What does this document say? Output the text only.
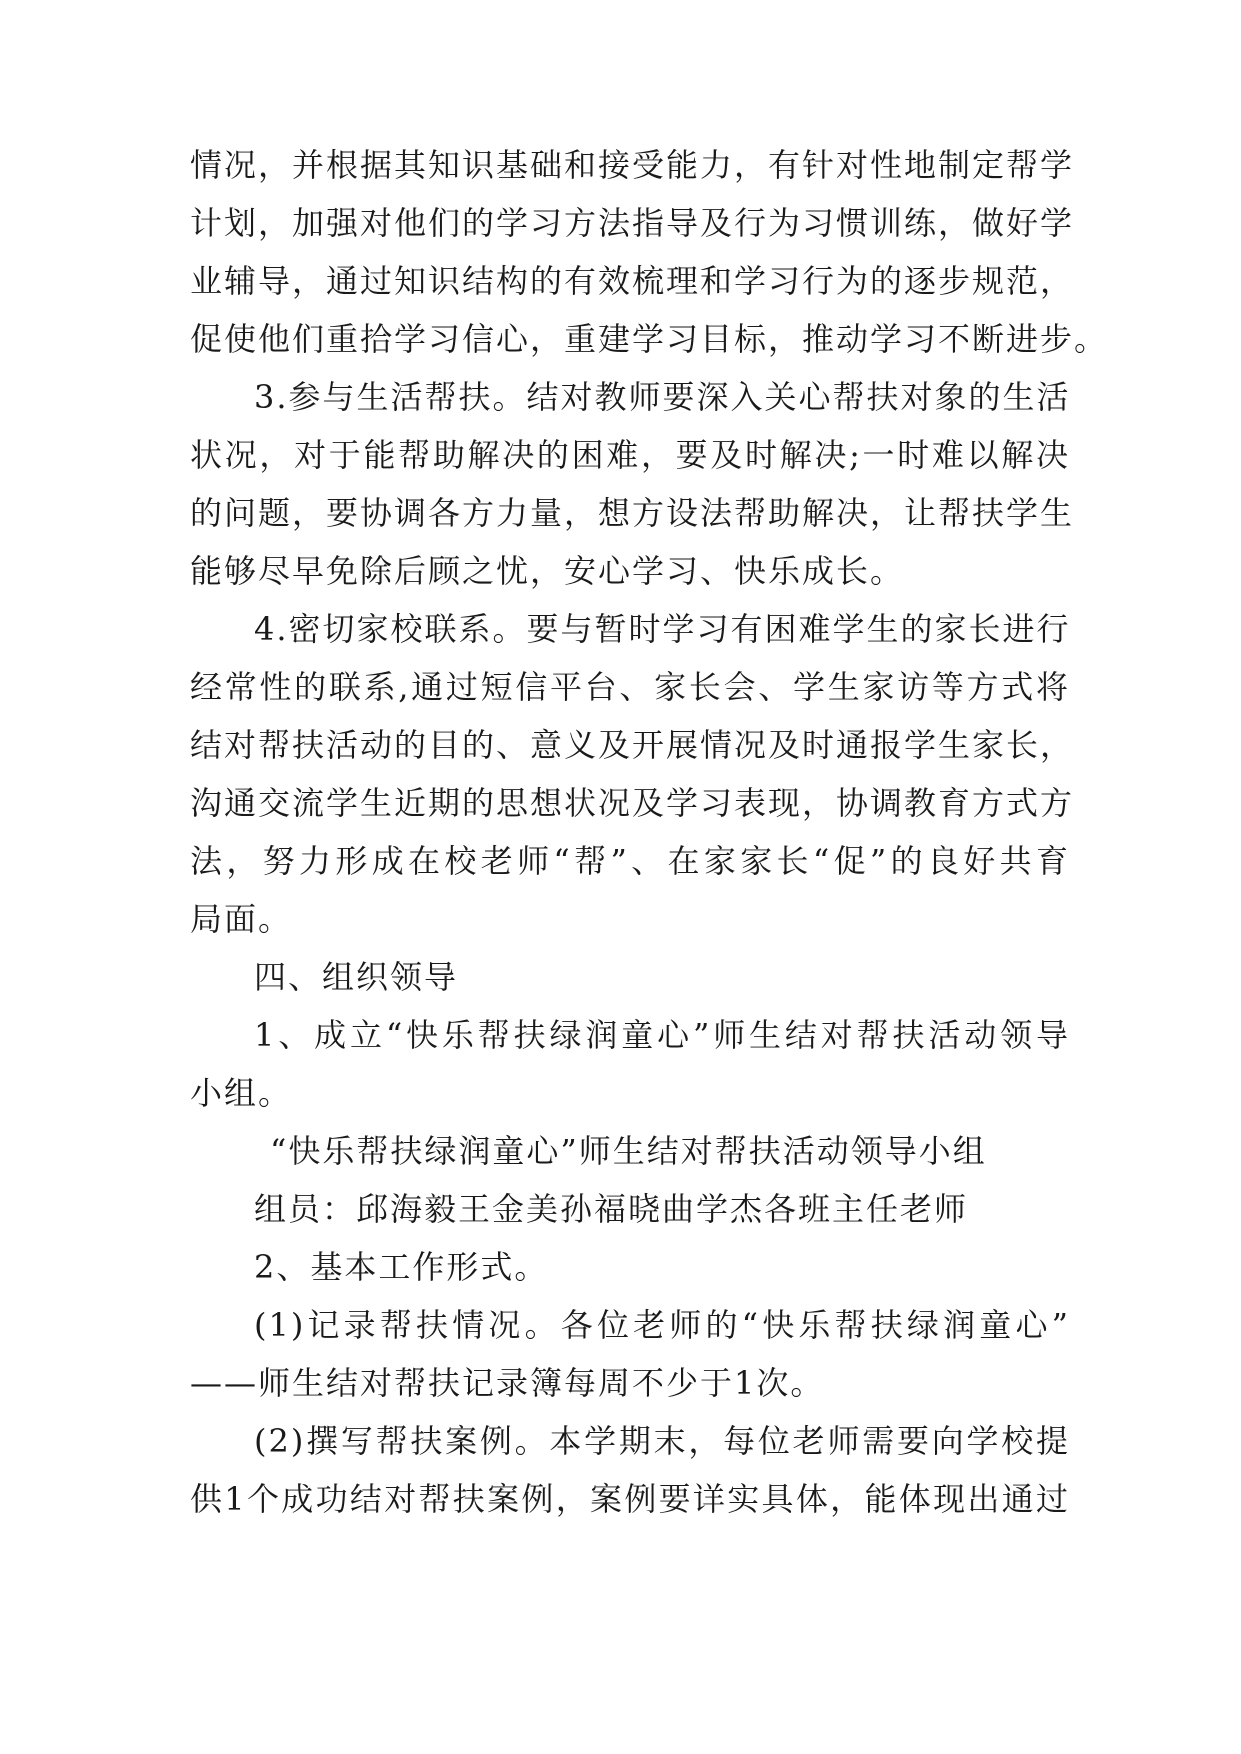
情况，并根据其知识基础和接受能力，有针对性地制定帮学
计划，加强对他们的学习方法指导及行为习惯训练，做好学
业辅导，通过知识结构的有效梳理和学习行为的逐步规范，
促使他们重拾学习信心，重建学习目标，推动学习不断进步。
3.参与生活帮扶。结对教师要深入关心帮扶对象的生活
状况，对于能帮助解决的困难，要及时解决;一时难以解决
的问题，要协调各方力量，想方设法帮助解决，让帮扶学生
能够尽早免除后顾之忧，安心学习、快乐成长。
4.密切家校联系。要与暂时学习有困难学生的家长进行
经常性的联系,通过短信平台、家长会、学生家访等方式将
结对帮扶活动的目的、意义及开展情况及时通报学生家长，
沟通交流学生近期的思想状况及学习表现，协调教育方式方
法，努力形成在校老师“帮”、在家家长“促”的良好共育
局面。
四、组织领导
1、成立“快乐帮扶绿润童心”师生结对帮扶活动领导
小组。
“快乐帮扶绿润童心”师生结对帮扶活动领导小组
组员：邱海毅王金美孙福晓曲学杰各班主任老师
2、基本工作形式。
(1)记录帮扶情况。各位老师的“快乐帮扶绿润童心”
——师生结对帮扶记录簿每周不少于1次。
(2)撰写帮扶案例。本学期末，每位老师需要向学校提
供1个成功结对帮扶案例，案例要详实具体，能体现出通过
